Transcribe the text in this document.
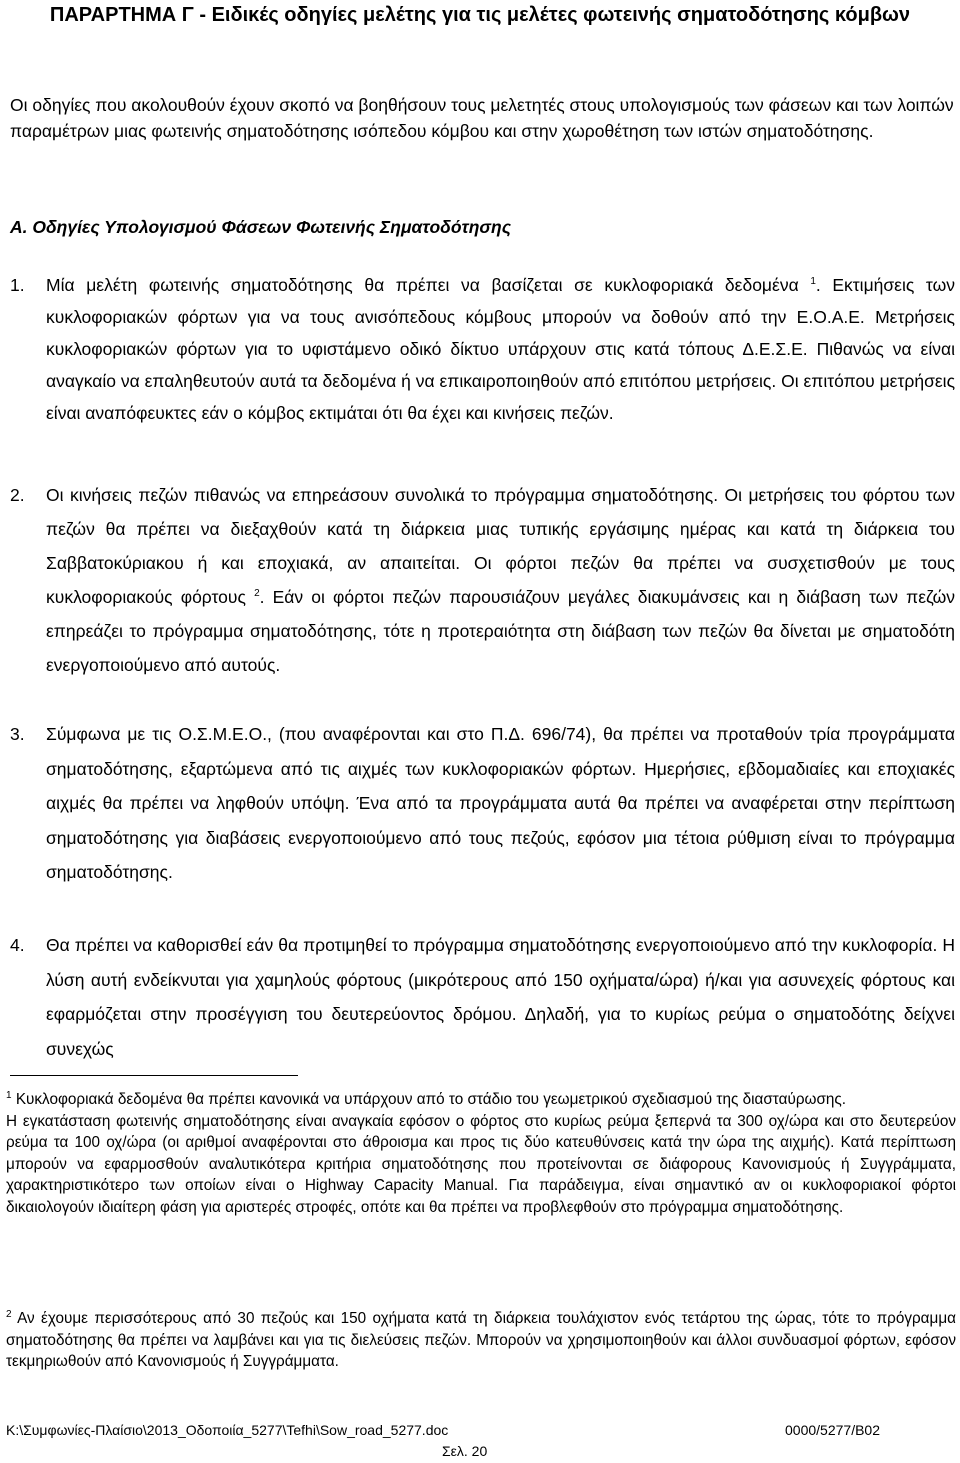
ΠΑΡΑΡΤΗΜΑ Γ - Ειδικές οδηγίες μελέτης για τις μελέτες φωτεινής σηματοδότησης κόμβων
Οι οδηγίες που ακολουθούν έχουν σκοπό να βοηθήσουν τους μελετητές στους υπολογισμούς των φάσεων και των λοιπών παραμέτρων μιας φωτεινής σηματοδότησης ισόπεδου κόμβου και στην χωροθέτηση των ιστών σηματοδότησης.
Α. Οδηγίες Υπολογισμού Φάσεων Φωτεινής Σηματοδότησης
1. Μία μελέτη φωτεινής σηματοδότησης θα πρέπει να βασίζεται σε κυκλοφοριακά δεδομένα $^1$. Εκτιμήσεις των κυκλοφοριακών φόρτων για να τους ανισόπεδους κόμβους μπορούν να δοθούν από την Ε.Ο.Α.Ε. Μετρήσεις κυκλοφοριακών φόρτων για το υφιστάμενο οδικό δίκτυο υπάρχουν στις κατά τόπους Δ.Ε.Σ.Ε. Πιθανώς να είναι αναγκαίο να επαληθευτούν αυτά τα δεδομένα ή να επικαιροποιηθούν από επιτόπου μετρήσεις. Οι επιτόπου μετρήσεις είναι αναπόφευκτες εάν ο κόμβος εκτιμάται ότι θα έχει και κινήσεις πεζών.
2. Οι κινήσεις πεζών πιθανώς να επηρεάσουν συνολικά το πρόγραμμα σηματοδότησης. Οι μετρήσεις του φόρτου των πεζών θα πρέπει να διεξαχθούν κατά τη διάρκεια μιας τυπικής εργάσιμης ημέρας και κατά τη διάρκεια του Σαββατοκύριακου ή και εποχιακά, αν απαιτείται. Οι φόρτοι πεζών θα πρέπει να συσχετισθούν με τους κυκλοφοριακούς φόρτους $^2$. Εάν οι φόρτοι πεζών παρουσιάζουν μεγάλες διακυμάνσεις και η διάβαση των πεζών επηρεάζει το πρόγραμμα σηματοδότησης, τότε η προτεραιότητα στη διάβαση των πεζών θα δίνεται με σηματοδότη ενεργοποιούμενο από αυτούς.
3. Σύμφωνα με τις Ο.Σ.Μ.Ε.Ο., (που αναφέρονται και στο Π.Δ. 696/74), θα πρέπει να προταθούν τρία προγράμματα σηματοδότησης, εξαρτώμενα από τις αιχμές των κυκλοφοριακών φόρτων. Ημερήσιες, εβδομαδιαίες και εποχιακές αιχμές θα πρέπει να ληφθούν υπόψη. Ένα από τα προγράμματα αυτά θα πρέπει να αναφέρεται στην περίπτωση σηματοδότησης για διαβάσεις ενεργοποιούμενο από τους πεζούς, εφόσον μια τέτοια ρύθμιση είναι το πρόγραμμα σηματοδότησης.
4. Θα πρέπει να καθορισθεί εάν θα προτιμηθεί το πρόγραμμα σηματοδότησης ενεργοποιούμενο από την κυκλοφορία. Η λύση αυτή ενδείκνυται για χαμηλούς φόρτους (μικρότερους από 150 οχήματα/ώρα) ή/και για ασυνεχείς φόρτους και εφαρμόζεται στην προσέγγιση του δευτερεύοντος δρόμου. Δηλαδή, για το κυρίως ρεύμα ο σηματοδότης δείχνει συνεχώς
$^1$ Κυκλοφοριακά δεδομένα θα πρέπει κανονικά να υπάρχουν από το στάδιο του γεωμετρικού σχεδιασμού της διασταύρωσης.
Η εγκατάσταση φωτεινής σηματοδότησης είναι αναγκαία εφόσον ο φόρτος στο κυρίως ρεύμα ξεπερνά τα 300 οχ/ώρα και στο δευτερεύον ρεύμα τα 100 οχ/ώρα (οι αριθμοί αναφέρονται στο άθροισμα και προς τις δύο κατευθύνσεις κατά την ώρα της αιχμής). Κατά περίπτωση μπορούν να εφαρμοσθούν αναλυτικότερα κριτήρια σηματοδότησης που προτείνονται σε διάφορους Κανονισμούς ή Συγγράμματα, χαρακτηριστικότερο των οποίων είναι ο Highway Capacity Manual. Για παράδειγμα, είναι σημαντικό αν οι κυκλοφοριακοί φόρτοι δικαιολογούν ιδιαίτερη φάση για αριστερές στροφές, οπότε και θα πρέπει να προβλεφθούν στο πρόγραμμα σηματοδότησης.
$^2$ Αν έχουμε περισσότερους από 30 πεζούς και 150 οχήματα κατά τη διάρκεια τουλάχιστον ενός τετάρτου της ώρας, τότε το πρόγραμμα σηματοδότησης θα πρέπει να λαμβάνει και για τις διελεύσεις πεζών. Μπορούν να χρησιμοποιηθούν και άλλοι συνδυασμοί φόρτων, εφόσον τεκμηριωθούν από Κανονισμούς ή Συγγράμματα.
K:\Συμφωνίες-Πλαίσιο\2013_Οδοποιία_5277\Tefhi\Sow_road_5277.doc	0000/5277/B02
Σελ. 20
